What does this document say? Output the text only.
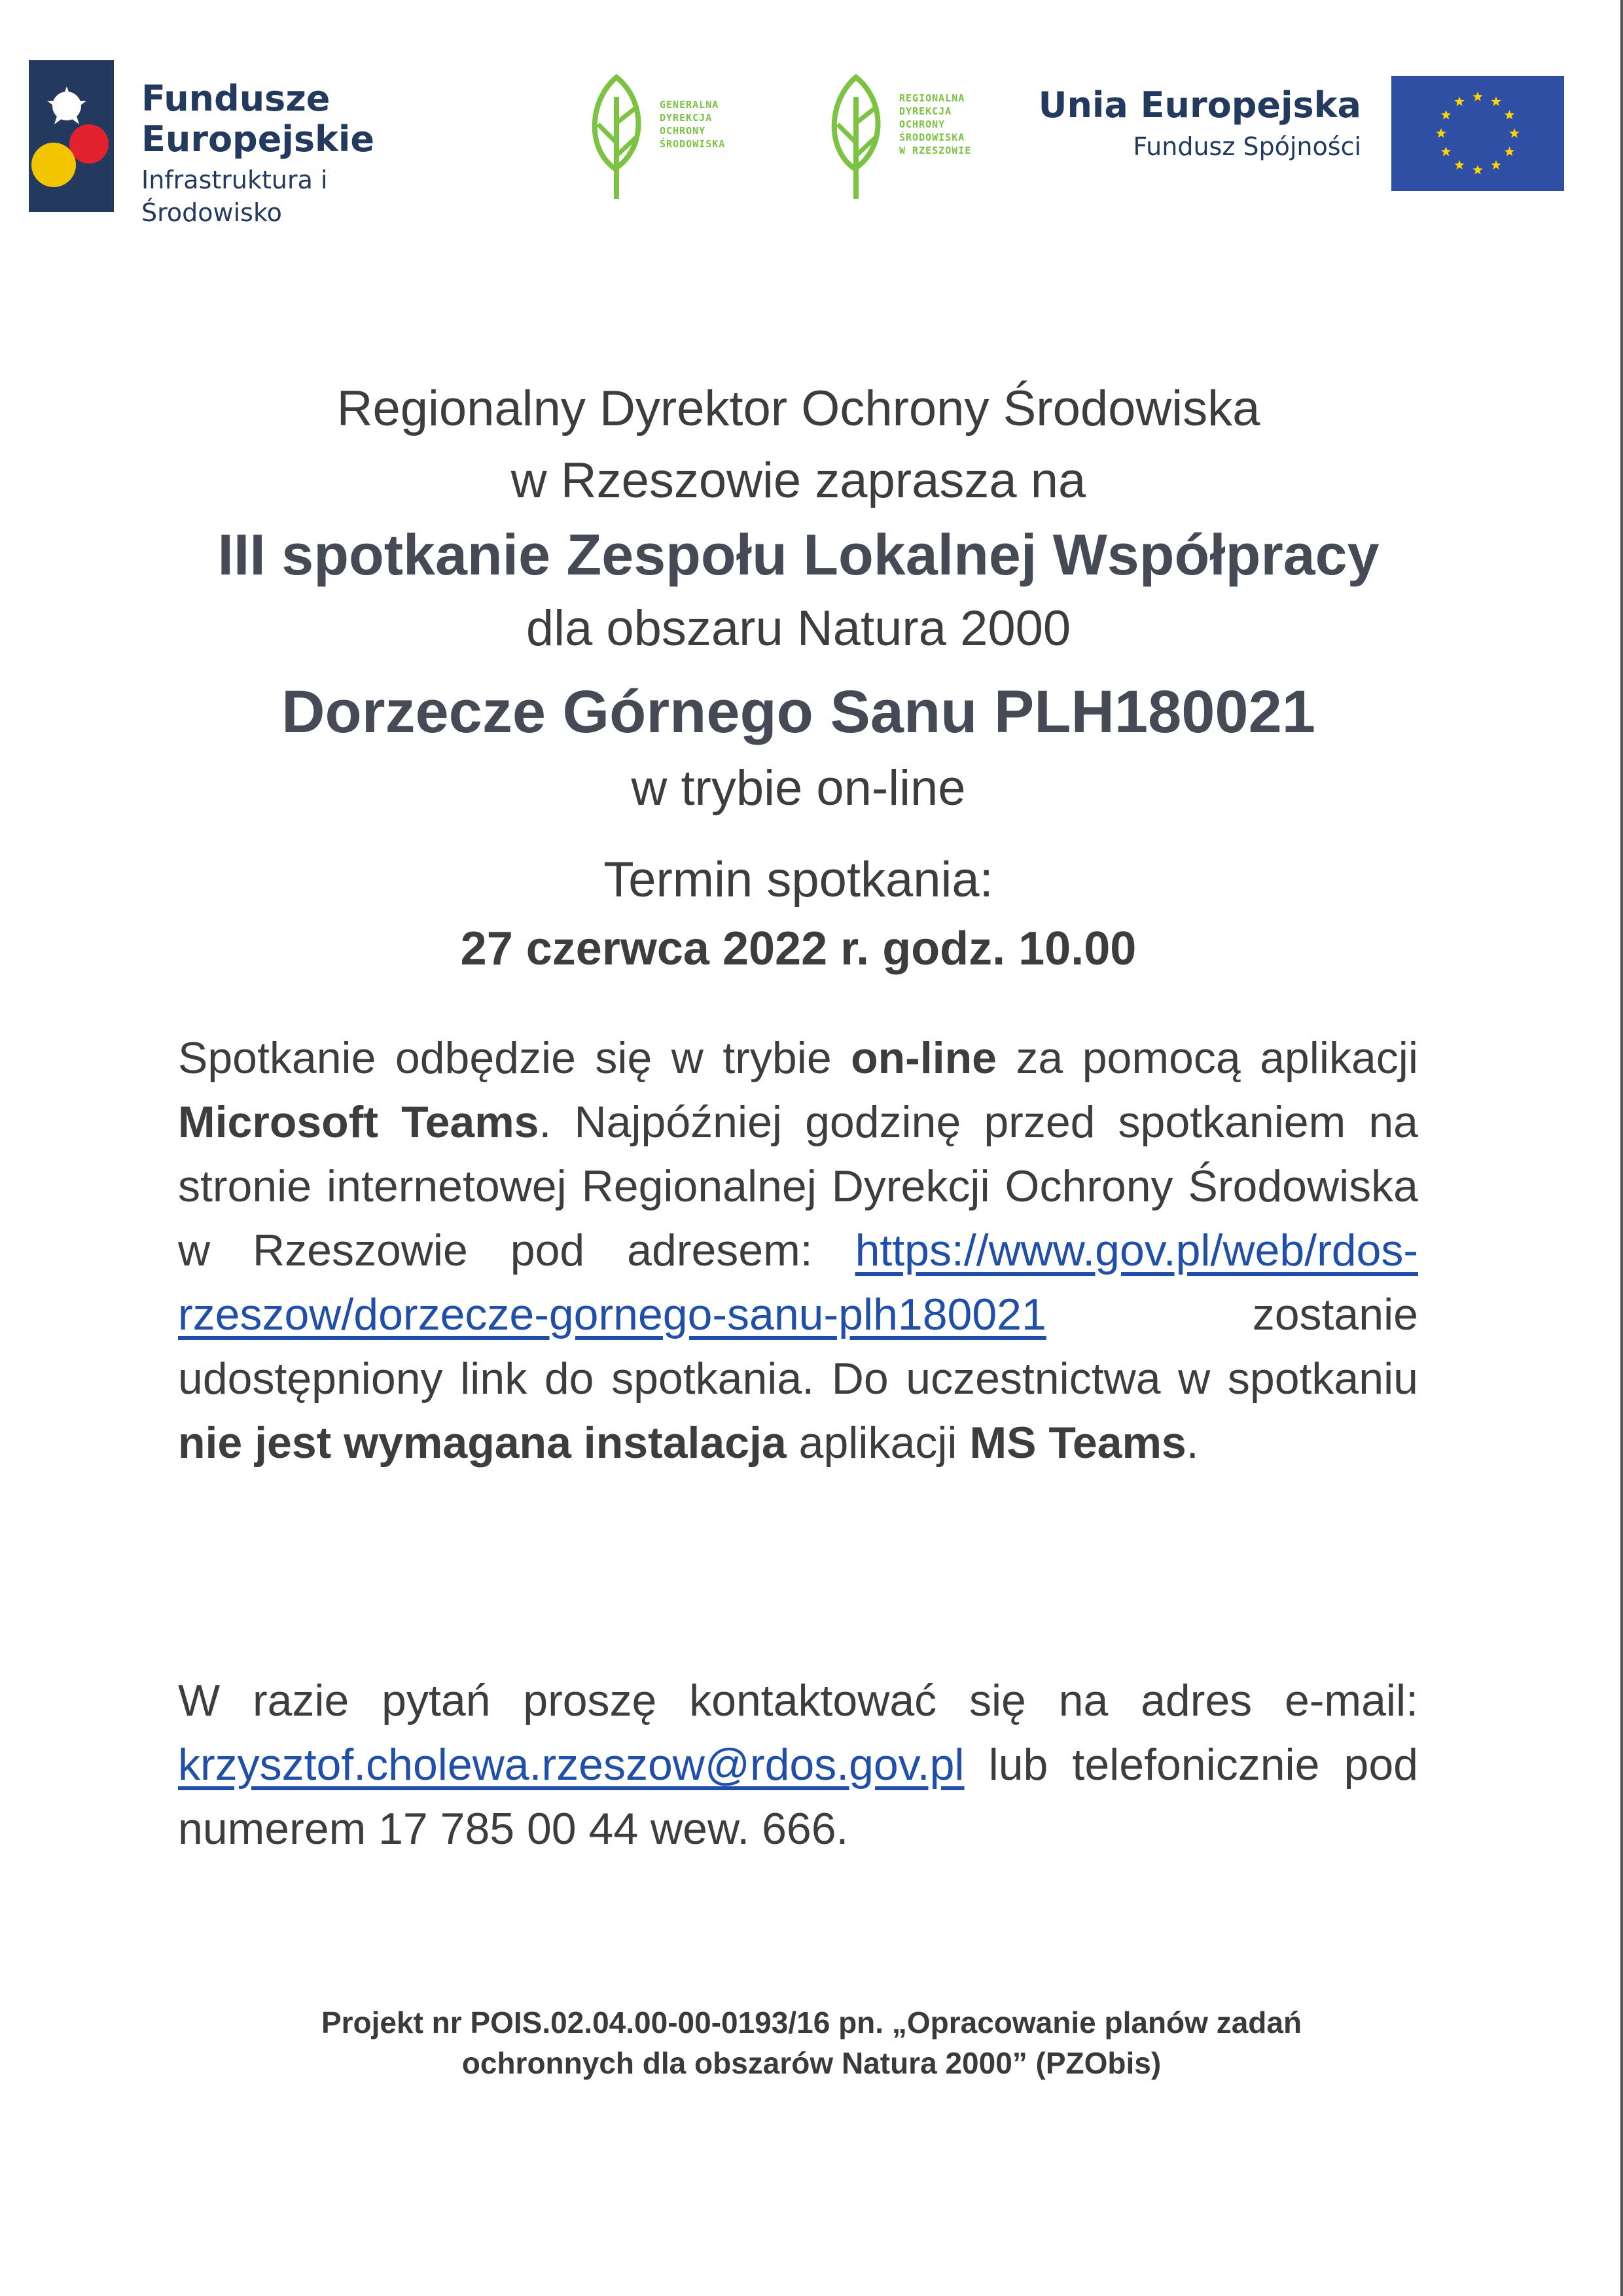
Fundusze
Europejskie
Infrastruktura i Środowisko
GENERALNA
DYREKCJA
OCHRONY
ŚRODOWISKA
REGIONALNA
DYREKCJA
OCHRONY
ŚRODOWISKA
W RZESZOWIE
Unia Europejska
Fundusz Spójności
Regionalny Dyrektor Ochrony Środowiska
w Rzeszowie zaprasza na
III spotkanie Zespołu Lokalnej Współpracy
dla obszaru Natura 2000
Dorzecze Górnego Sanu PLH180021
w trybie on-line
Termin spotkania:
27 czerwca 2022 r. godz. 10.00
Spotkanie odbędzie się w trybie on-line za pomocą aplikacji Microsoft Teams. Najpóźniej godzinę przed spotkaniem na stronie internetowej Regionalnej Dyrekcji Ochrony Środowiska w Rzeszowie pod adresem: https://www.gov.pl/web/rdos-rzeszow/dorzecze-gornego-sanu-plh180021 zostanie udostępniony link do spotkania. Do uczestnictwa w spotkaniu nie jest wymagana instalacja aplikacji MS Teams.
W razie pytań proszę kontaktować się na adres e-mail: krzysztof.cholewa.rzeszow@rdos.gov.pl lub telefonicznie pod numerem 17 785 00 44 wew. 666.
Projekt nr POIS.02.04.00-00-0193/16 pn. „Opracowanie planów zadań
ochronnych dla obszarów Natura 2000” (PZObis)
